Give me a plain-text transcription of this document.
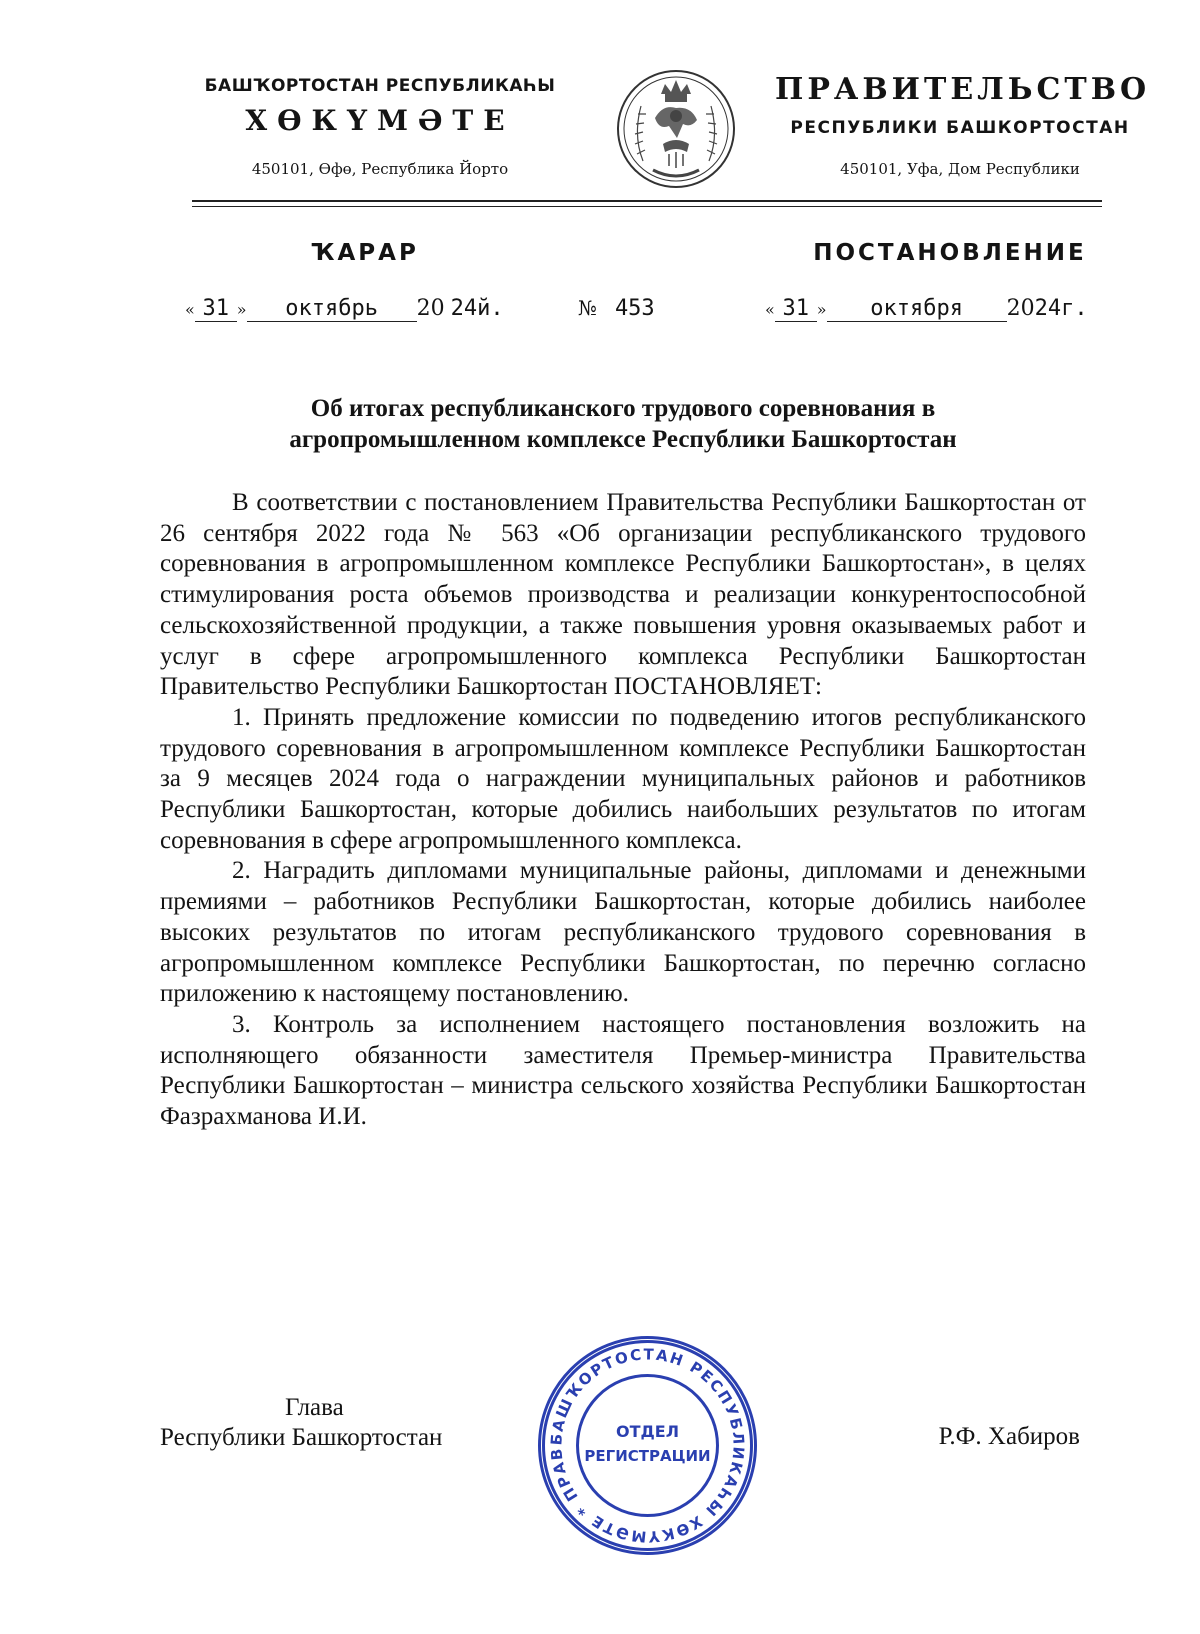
БАШҠОРТОСТАН РЕСПУБЛИКАҺЫ
ХӨКҮМӘТЕ
450101, Өфө, Республика Йорто
ПРАВИТЕЛЬСТВО
РЕСПУБЛИКИ БАШКОРТОСТАН
450101, Уфа, Дом Республики
ҠАРАР	ПОСТАНОВЛЕНИЕ
« 31 » октябрь 20 24й.	№ 453	« 31 » октября 2024г.
Об итогах республиканского трудового соревнования в
агропромышленном комплексе Республики Башкортостан

В соответствии с постановлением Правительства Республики Башкортостан от 26 сентября 2022 года № 563 «Об организации республиканского трудового соревнования в агропромышленном комплексе Республики Башкортостан», в целях стимулирования роста объемов производства и реализации конкурентоспособной сельскохозяйственной продукции, а также повышения уровня оказываемых работ и услуг в сфере агропромышленного комплекса Республики Башкортостан Правительство Республики Башкортостан ПОСТАНОВЛЯЕТ:

1. Принять предложение комиссии по подведению итогов республиканского трудового соревнования в агропромышленном комплексе Республики Башкортостан за 9 месяцев 2024 года о награждении муниципальных районов и работников Республики Башкортостан, которые добились наибольших результатов по итогам соревнования в сфере агропромышленного комплекса.

2. Наградить дипломами муниципальные районы, дипломами и денежными премиями – работников Республики Башкортостан, которые добились наиболее высоких результатов по итогам республиканского трудового соревнования в агропромышленном комплексе Республики Башкортостан, по перечню согласно приложению к настоящему постановлению.

3. Контроль за исполнением настоящего постановления возложить на исполняющего обязанности заместителя Премьер-министра Правительства Республики Башкортостан – министра сельского хозяйства Республики Башкортостан Фазрахманова И.И.

Глава
Республики Башкортостан	Р.Ф. Хабиров
БАШҠОРТОСТАН РЕСПУБЛИКАҺЫ ХӨКҮМӘТЕ * ПРАВ
ОТДЕЛ
РЕГИСТРАЦИИ
